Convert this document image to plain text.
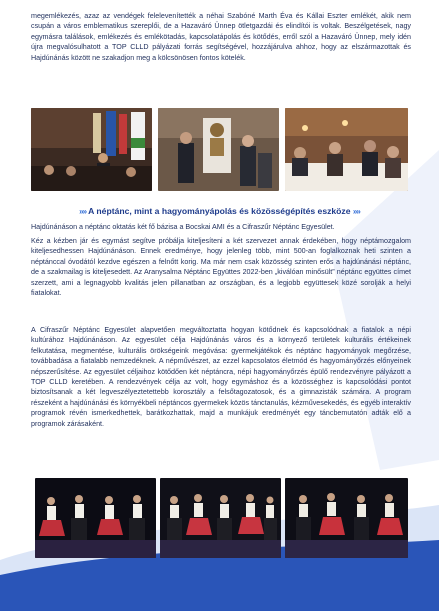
megemlékezés, azaz az vendégek felelevenítették a néhai Szabóné Marth Éva és Kállai Eszter emlékét, akik nem csupán a város emblematikus szereplői, de a Hazaváró Ünnep ötletgazdái és elindítói is voltak. Beszélgetések, nagy egymásra találások, emlékezés és emlékötadás, kapcsolatápolás és kötődés, erről szól a Hazaváró Ünnep, mely idén újra megvalósulhatott a TOP CLLD pályázati forrás segítségével, hozzájárulva ahhoz, hogy az elszármazottak és Hajdúnánás között ne szakadjon meg a kölcsönösen fontos kötelék.

»» A néptánc, mint a hagyományápolás és közösségépítés eszköze »»

Hajdúnánáson a néptánc oktatás két fő bázisa a Bocskai AMI és a Cifraszűr Néptánc Egyesület.

Kéz a kézben jár és egymást segítve próbálja kiteljesíteni a két szervezet annak érdekében, hogy néptámozgalom kiteljesedhessen Hajdúnánáson. Ennek eredménye, hogy jelenleg több, mint 500-an foglalkoznak heti szinten a néptánccal óvodától kezdve egészen a felnőtt korig. Ma már nem csak közösség szinten erős a hajdúnánási néptánc, de a szakmailag is kiteljesedett. Az Aranysalma Néptánc Együttes 2022-ben „kiválóan minősült” néptánc együttes címet szerzett, ami a legnagyobb kvalitás jelen pillanatban az országban, és a legjobb együttesek közé sorolják a helyi fiatalokat.

A Cifraszűr Néptánc Egyesület alapvetően megváltoztatta hogyan kötődnek és kapcsolódnak a fiatalok a népi kultúrához Hajdúnánáson. Az egyesület célja Hajdúnánás város és a környező területek kulturális értékeinek felkutatása, megmentése, kulturális örökségeink megóvása: gyermekjátékok és néptánc hagyományok megőrzése, továbbadása a fiatalabb nemzedéknek. A népművészet, az ezzel kapcsolatos életmód és hagyományőrzés előnyeinek népszerűsítése. Az egyesület céljaihoz kötődően két néptáncra, népi hagyományőrzés épülő rendezvényre pályázott a TOP CLLD keretében. A rendezvények célja az volt, hogy egymáshoz és a közösséghez is kapcsolódási pontot biztosítsanak a két legveszélyeztetettebb korosztály a felsőtagozatosok, és a gimnazisták számára. A program részeként a hajdúnánási és környékbeli néptáncos gyermekek közös tánctanulás, kézművesekedés, és egyéb interaktív programok révén ismerkedhettek, barátkozhattak, majd a munkájuk eredményét egy táncbemutatón adták elő a programok zárásaként.
